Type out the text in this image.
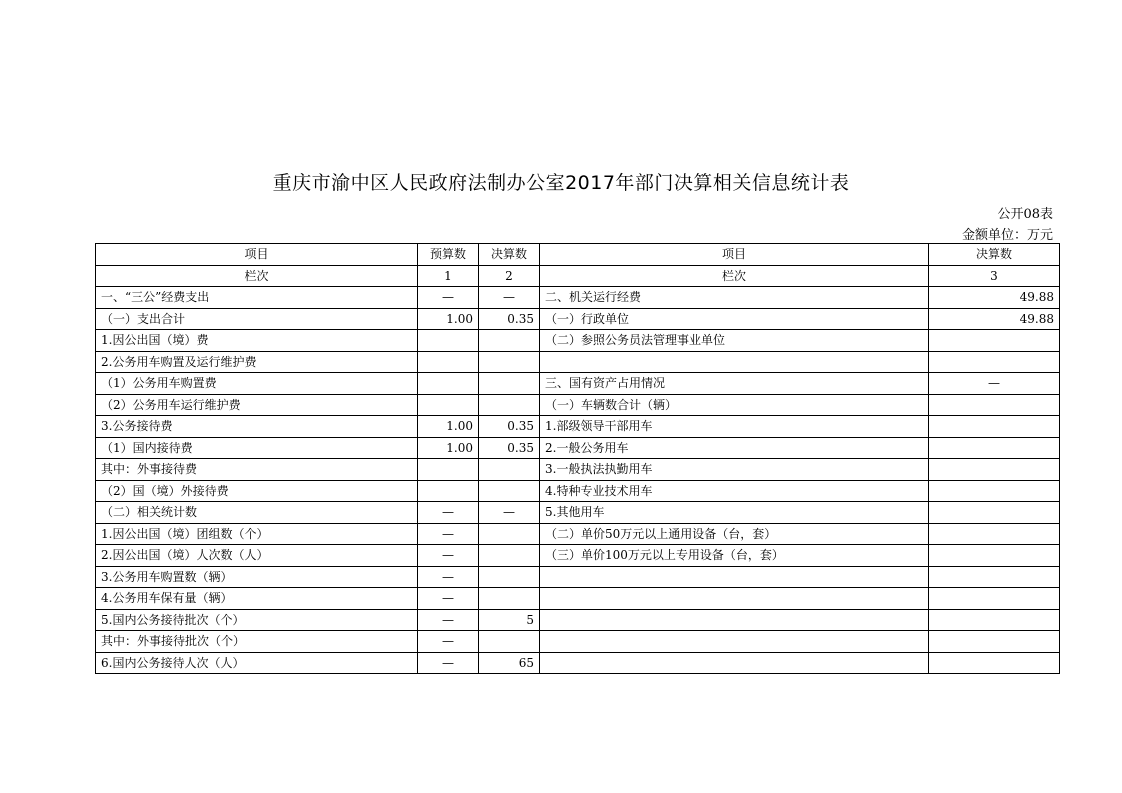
重庆市渝中区人民政府法制办公室2017年部门决算相关信息统计表
公开08表
金额单位：万元
项目	预算数	决算数	项目	决算数
栏次	1	2	栏次	3
一、“三公”经费支出	—	—	二、机关运行经费	49.88
（一）支出合计	1.00	0.35	（一）行政单位	49.88
1.因公出国（境）费			（二）参照公务员法管理事业单位	
2.公务用车购置及运行维护费				
（1）公务用车购置费			三、国有资产占用情况	—
（2）公务用车运行维护费			（一）车辆数合计（辆）	
3.公务接待费	1.00	0.35	1.部级领导干部用车	
（1）国内接待费	1.00	0.35	2.一般公务用车	
其中：外事接待费			3.一般执法执勤用车	
（2）国（境）外接待费			4.特种专业技术用车	
（二）相关统计数	—	—	5.其他用车	
1.因公出国（境）团组数（个）	—		（二）单价50万元以上通用设备（台，套）	
2.因公出国（境）人次数（人）	—		（三）单价100万元以上专用设备（台，套）	
3.公务用车购置数（辆）	—			
4.公务用车保有量（辆）	—			
5.国内公务接待批次（个）	—	5		
其中：外事接待批次（个）	—			
6.国内公务接待人次（人）	—	65		
